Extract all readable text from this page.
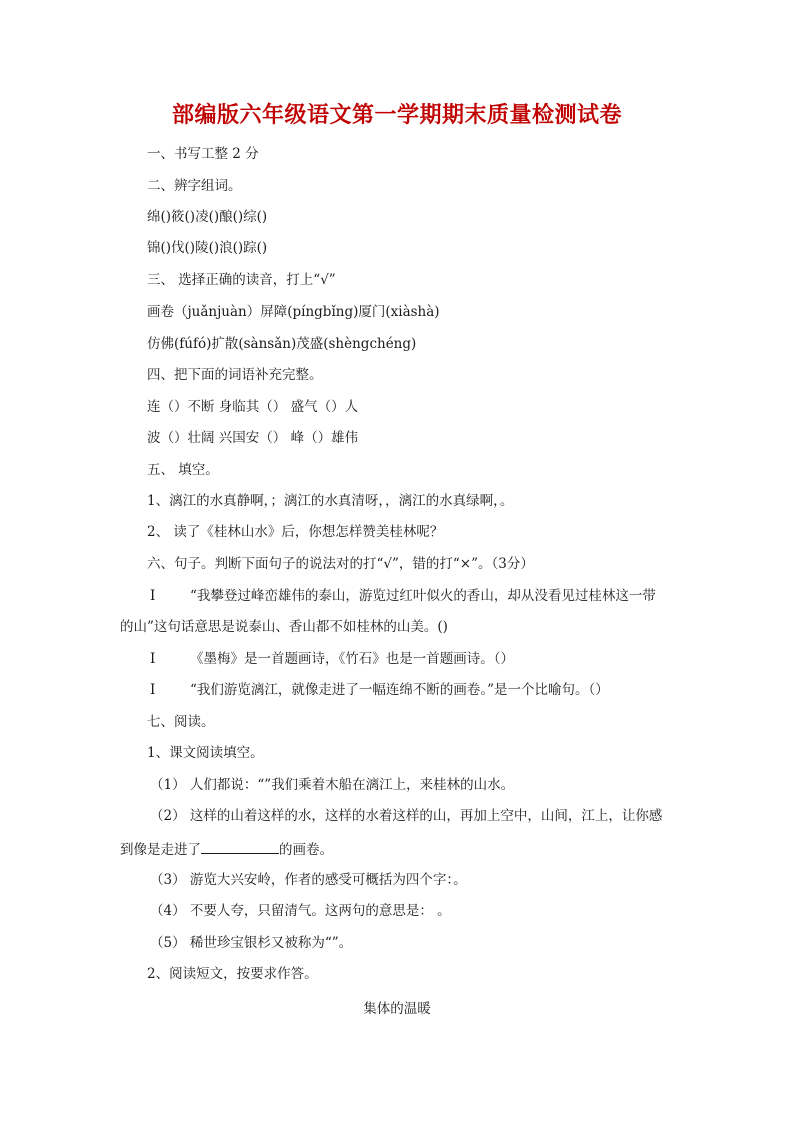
部编版六年级语文第一学期期末质量检测试卷
一、书写工整 2 分
二、辨字组词。
绵()筱()凌()酿()综()
锦()伐()陵()浪()踪()
三、 选择正确的读音，打上“√”
画卷（juǎnjuàn）屏障(píngbǐng)厦门(xiàshà)
仿佛(fúfó)扩散(sànsǎn)茂盛(shèngchéng)
四、把下面的词语补充完整。
连（）不断 身临其（） 盛气（）人
波（）壮阔 兴国安（） 峰（）雄伟
五、 填空。
1、漓江的水真静啊，；漓江的水真清呀，，漓江的水真绿啊，。
2、 读了《桂林山水》后，你想怎样赞美桂林呢？
六、句子。判断下面句子的说法对的打“√”，错的打“×”。（3分）
I	“我攀登过峰峦雄伟的泰山，游览过红叶似火的香山，却从没看见过桂林这一带
的山”这句话意思是说泰山、香山都不如桂林的山美。()
I	《墨梅》是一首题画诗，《竹石》也是一首题画诗。（）
I	“我们游览漓江，就像走进了一幅连绵不断的画卷。”是一个比喻句。（）
七、阅读。
1、课文阅读填空。
（1） 人们都说：“”我们乘着木船在漓江上，来桂林的山水。
（2） 这样的山着这样的水，这样的水着这样的山，再加上空中，山间，江上，让你感
到像是走进了	的画卷。
（3） 游览大兴安岭，作者的感受可概括为四个字：。
（4） 不要人夸，只留清气。这两句的意思是： 。
（5） 稀世珍宝银杉又被称为“”。
2、阅读短文，按要求作答。
集体的温暖
